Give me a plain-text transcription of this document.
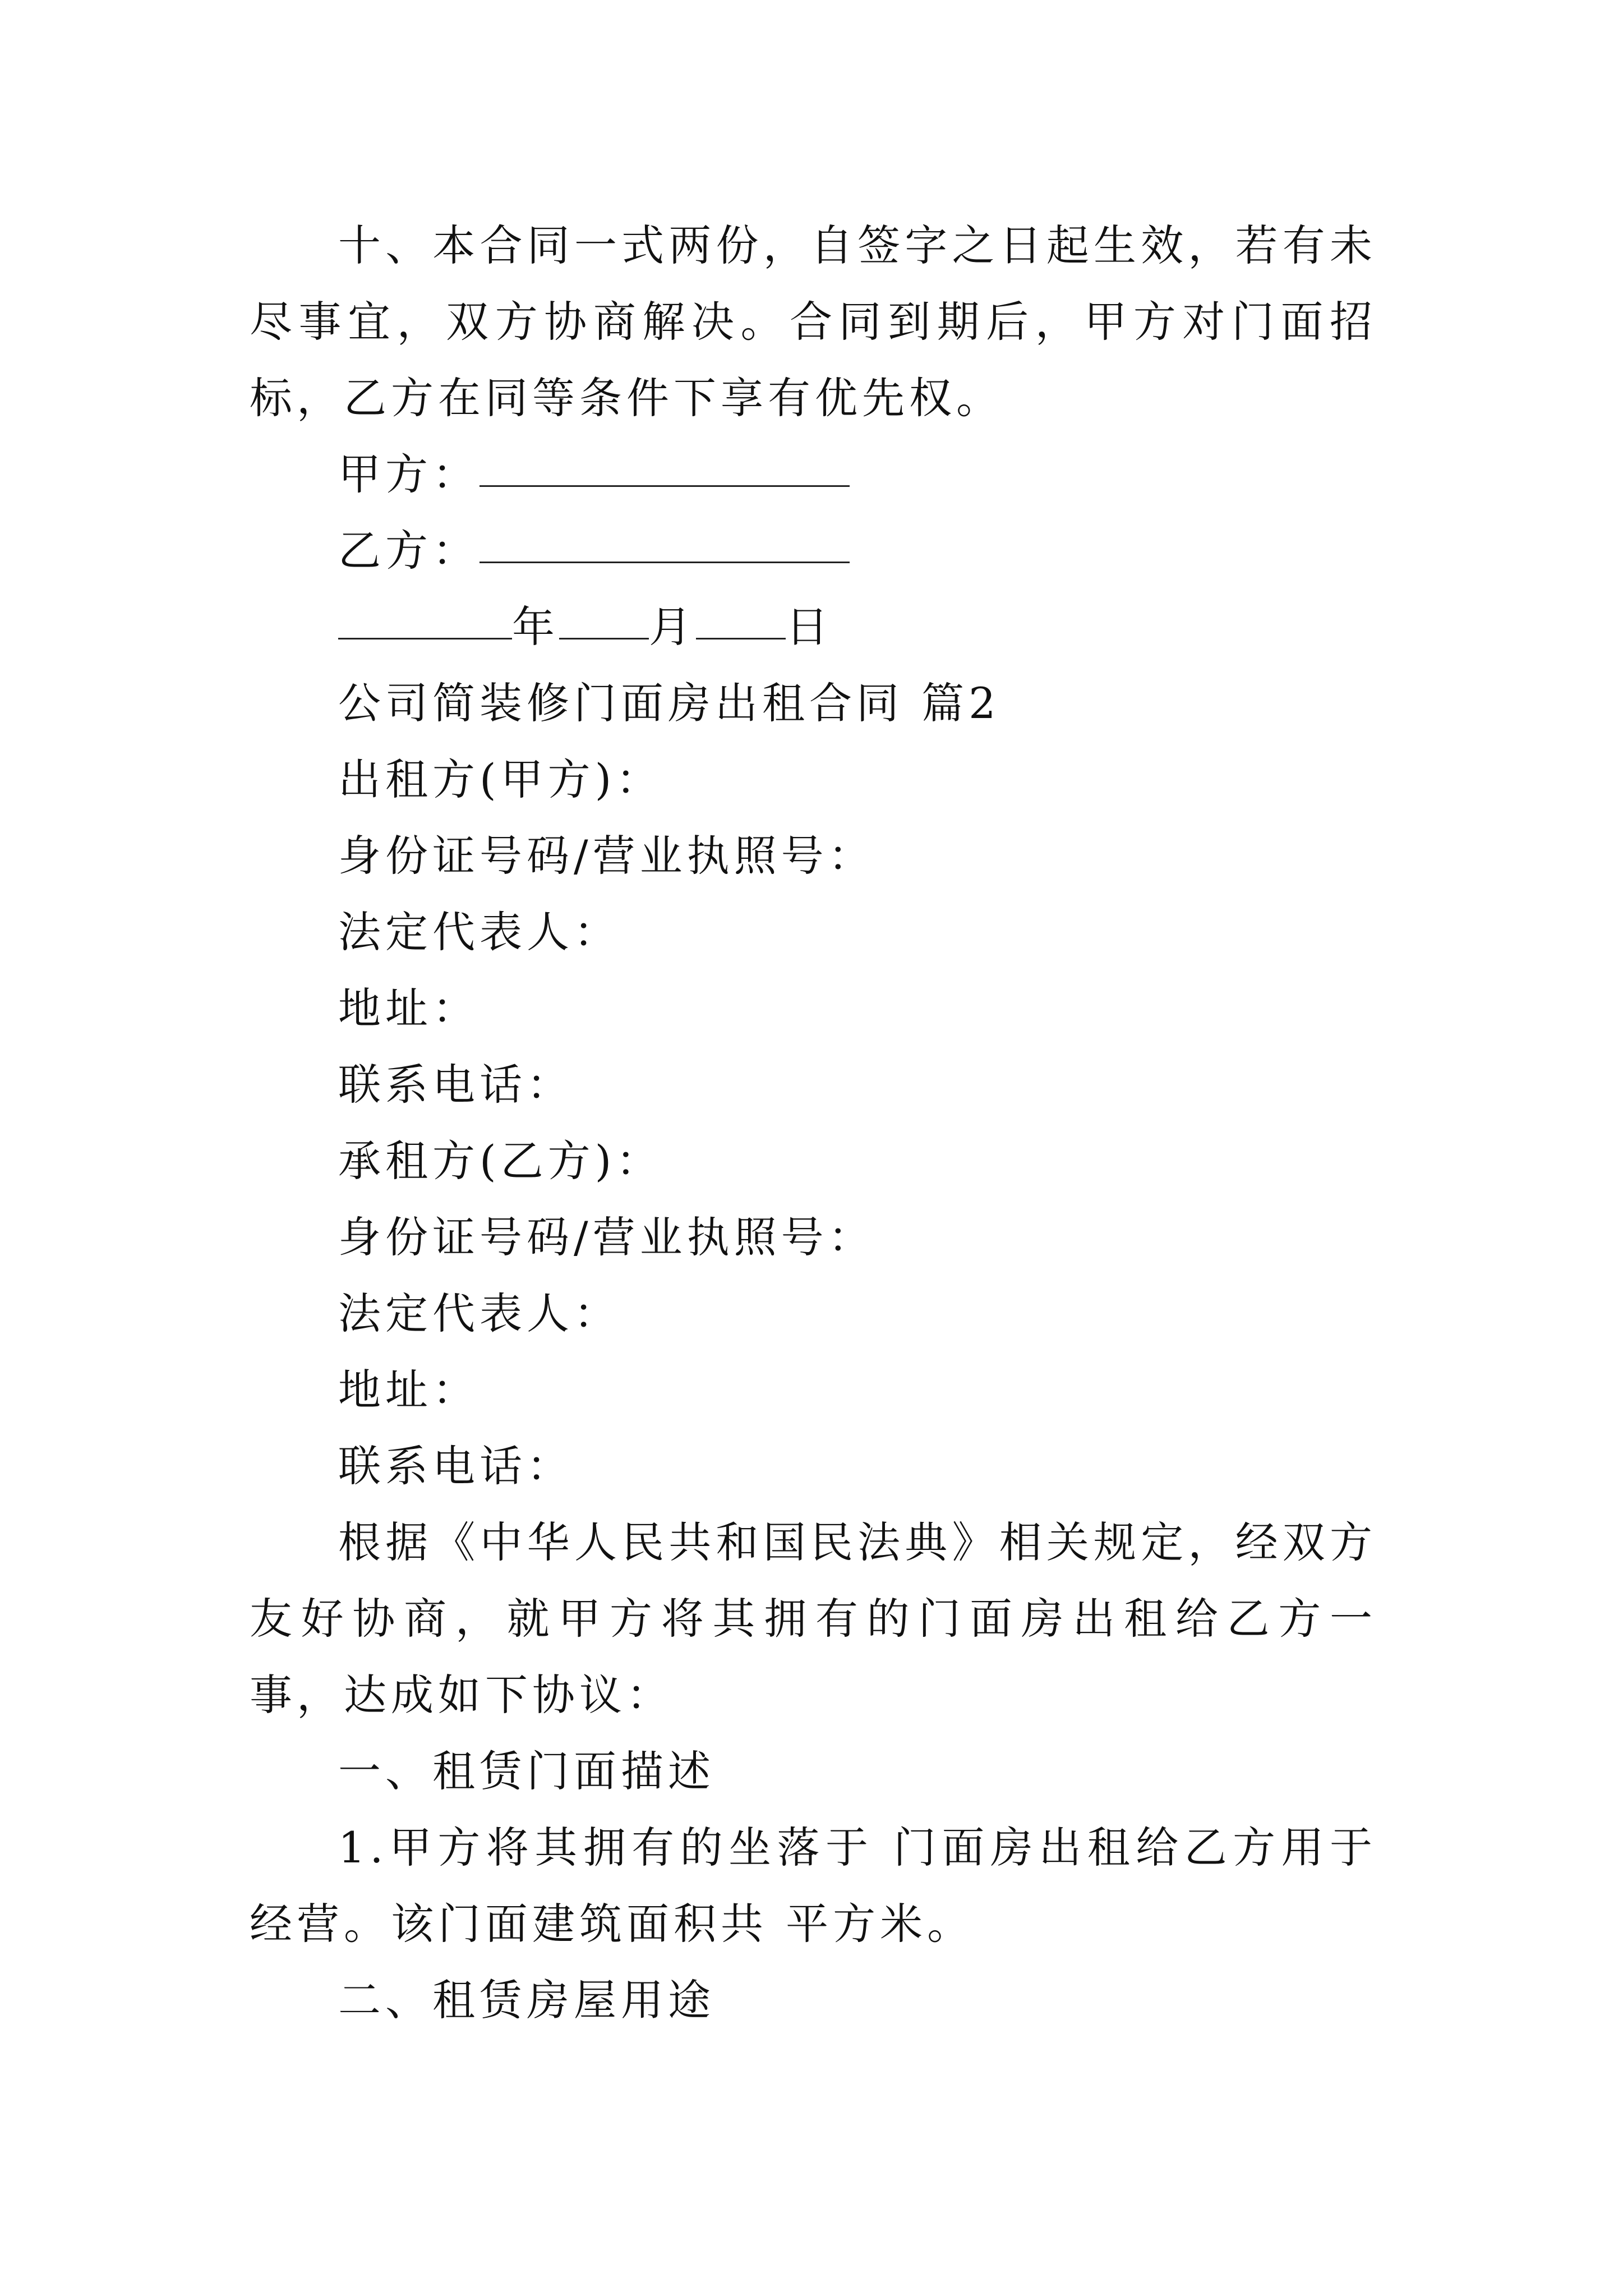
十、本合同一式两份，自签字之日起生效，若有未尽事宜，双方协商解决。合同到期后，甲方对门面招标，乙方在同等条件下享有优先权。

甲方：

乙方：

年 月 日

公司简装修门面房出租合同 篇2

出租方(甲方)：

身份证号码/营业执照号：

法定代表人：

地址：

联系电话：

承租方(乙方)：

身份证号码/营业执照号：

法定代表人：

地址：

联系电话：

根据《中华人民共和国民法典》相关规定，经双方友好协商，就甲方将其拥有的门面房出租给乙方一事，达成如下协议：

一、租赁门面描述

1.甲方将其拥有的坐落于 门面房出租给乙方用于经营。该门面建筑面积共 平方米。

二、租赁房屋用途
